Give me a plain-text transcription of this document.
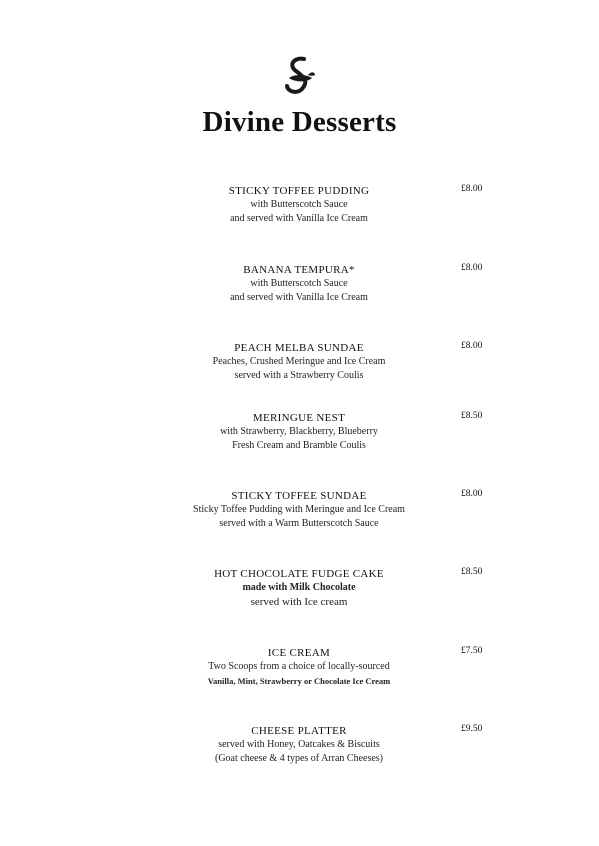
Divine Desserts
STICKY TOFFEE PUDDING
with Butterscotch Sauce
and served with Vanilla Ice Cream
£8.00
BANANA TEMPURA*
with Butterscotch Sauce
and served with Vanilla Ice Cream
£8.00
PEACH MELBA SUNDAE
Peaches, Crushed Meringue and Ice Cream
served with a Strawberry Coulis
£8.00
MERINGUE NEST
with Strawberry, Blackberry, Blueberry
Fresh Cream and Bramble Coulis
£8.50
STICKY TOFFEE SUNDAE
Sticky Toffee Pudding with Meringue and Ice Cream
served with a Warm Butterscotch Sauce
£8.00
HOT CHOCOLATE FUDGE CAKE
made with Milk Chocolate
served with Ice cream
£8.50
ICE CREAM
Two Scoops from a choice of locally-sourced
Vanilla, Mint, Strawberry or Chocolate Ice Cream
£7.50
CHEESE PLATTER
served with Honey, Oatcakes & Biscuits
(Goat cheese & 4 types of Arran Cheeses)
£9.50
